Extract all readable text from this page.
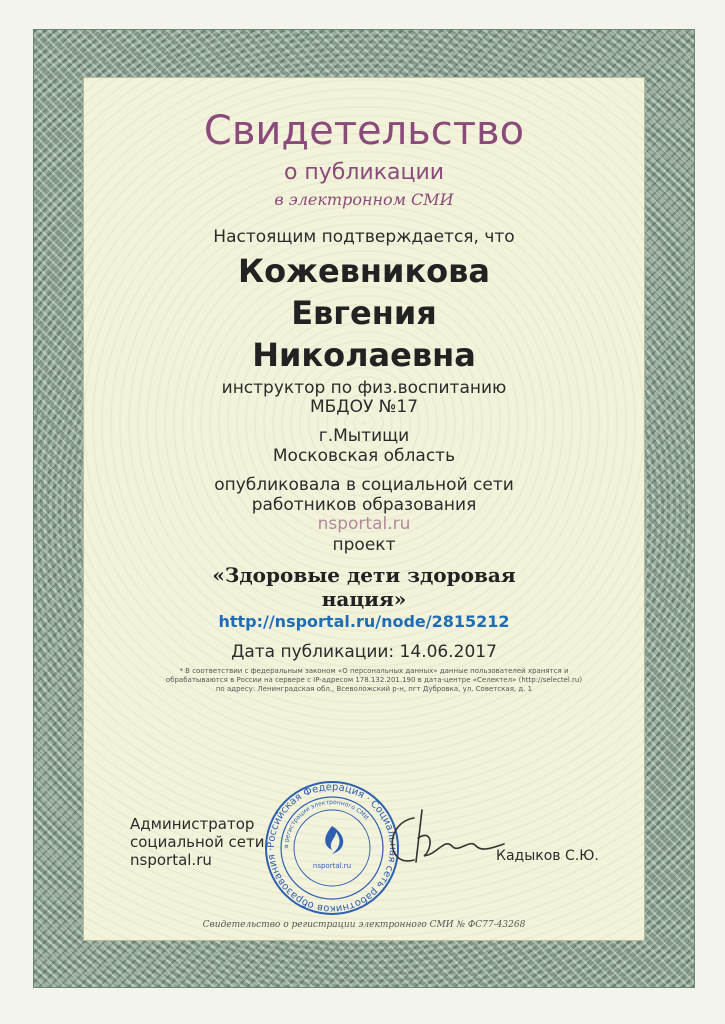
Свидетельство
о публикации
в электронном СМИ
Настоящим подтверждается, что
Кожевникова
Евгения
Николаевна
инструктор по физ.воспитанию
МБДОУ №17
г.Мытищи
Московская область
опубликовала в социальной сети
работников образования
nsportal.ru
проект
«Здоровые дети здоровая
нация»
http://nsportal.ru/node/2815212
Дата публикации: 14.06.2017
* В соответствии с федеральным законом «О персональных данных» данные пользователей хранятся и обрабатываются в России на сервере с IP-адресом 178.132.201.190 в дата-центре «Селектел» (http://selectel.ru) по адресу: Ленинградская обл., Всеволожский р-н, пгт Дубровка, ул. Советская, д. 1
Администратор
социальной сети
nsportal.ru
Российская Федерация · Социальная сеть работников образования ·
в регистрации электронного СМИ
nsportal.ru
Кадыков С.Ю.
Свидетельство о регистрации электронного СМИ № ФС77-43268
